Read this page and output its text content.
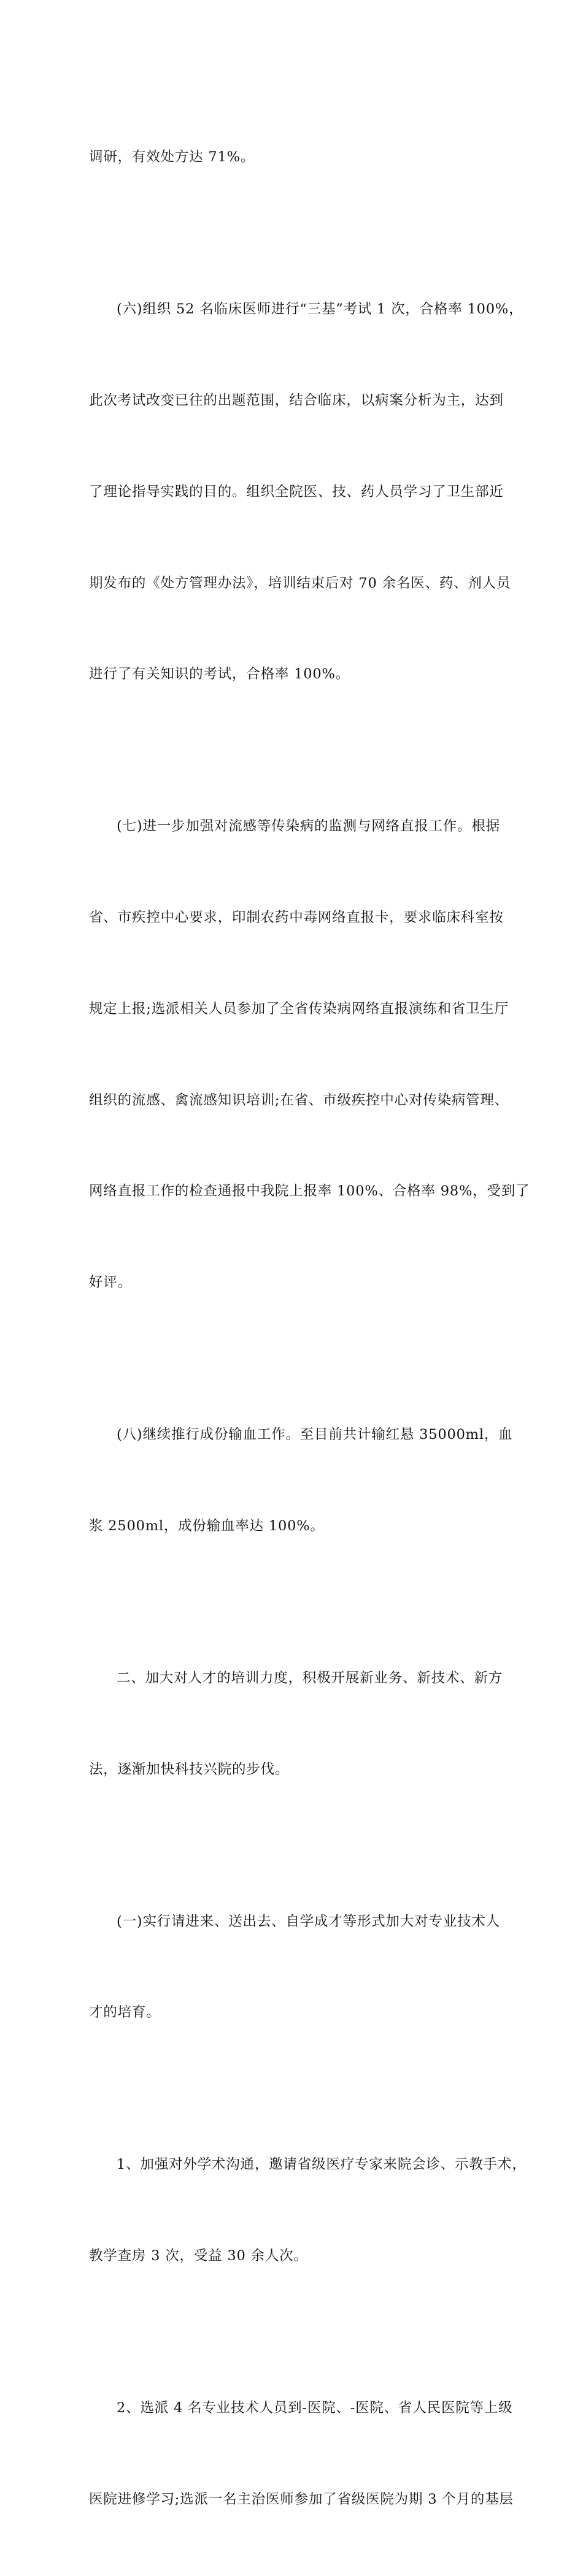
调研，有效处方达 71%。

(六)组织 52 名临床医师进行“三基”考试 1 次，合格率 100%，

此次考试改变已往的出题范围，结合临床，以病案分析为主，达到

了理论指导实践的目的。组织全院医、技、药人员学习了卫生部近

期发布的《处方管理办法》，培训结束后对 70 余名医、药、剂人员

进行了有关知识的考试，合格率 100%。

(七)进一步加强对流感等传染病的监测与网络直报工作。根据

省、市疾控中心要求，印制农药中毒网络直报卡，要求临床科室按

规定上报;选派相关人员参加了全省传染病网络直报演练和省卫生厅

组织的流感、禽流感知识培训;在省、市级疾控中心对传染病管理、

网络直报工作的检查通报中我院上报率 100%、合格率 98%，受到了

好评。

(八)继续推行成份输血工作。至目前共计输红悬 35000ml，血

浆 2500ml，成份输血率达 100%。

二、加大对人才的培训力度，积极开展新业务、新技术、新方

法，逐渐加快科技兴院的步伐。

(一)实行请进来、送出去、自学成才等形式加大对专业技术人

才的培育。

1、加强对外学术沟通，邀请省级医疗专家来院会诊、示教手术，

教学查房 3 次，受益 30 余人次。

2、选派 4 名专业技术人员到-医院、-医院、省人民医院等上级

医院进修学习;选派一名主治医师参加了省级医院为期 3 个月的基层
